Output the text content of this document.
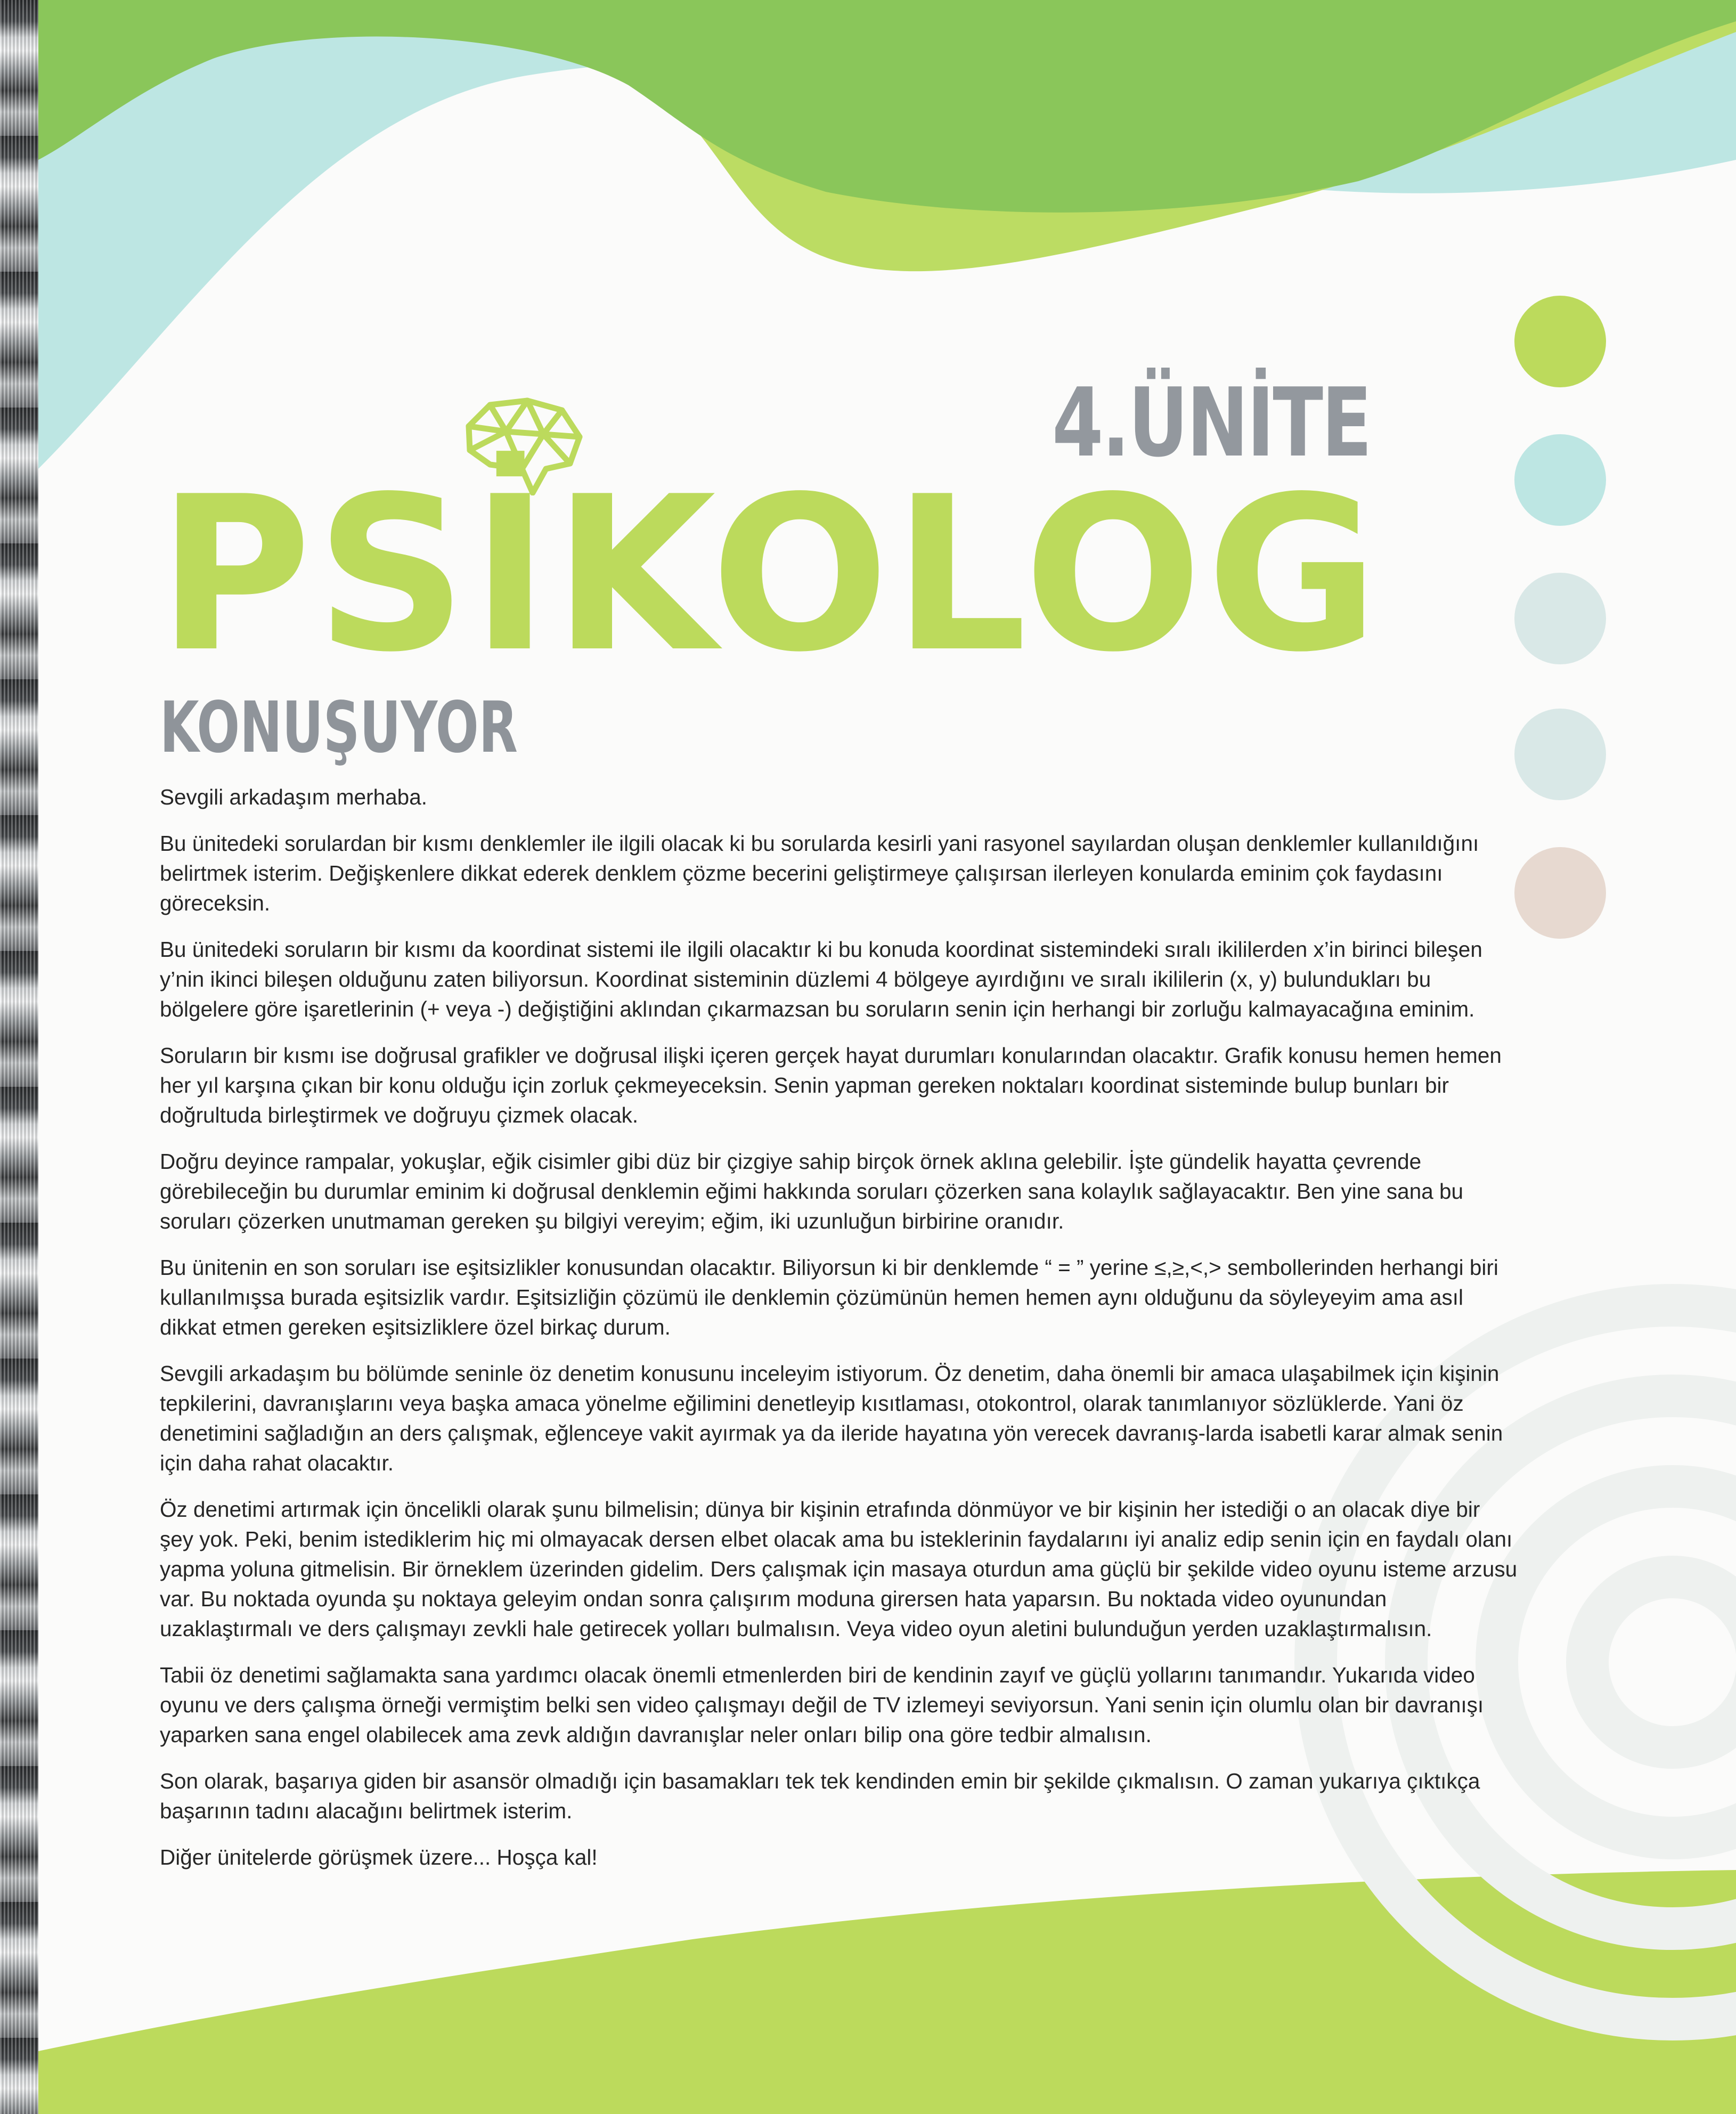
4.ÜNİTE
PSİKOLOG
KONUŞUYOR

Sevgili arkadaşım merhaba.

Bu ünitedeki sorulardan bir kısmı denklemler ile ilgili olacak ki bu sorularda kesirli yani rasyonel sayılardan oluşan denklemler kullanıldığını belirtmek isterim. Değişkenlere dikkat ederek denklem çözme becerini geliştirmeye çalışırsan ilerleyen konularda eminim çok faydasını göreceksin.

Bu ünitedeki soruların bir kısmı da koordinat sistemi ile ilgili olacaktır ki bu konuda koordinat sistemindeki sıralı ikililerden x’in birinci bileşen y’nin ikinci bileşen olduğunu zaten biliyorsun. Koordinat sisteminin düzlemi 4 bölgeye ayırdığını ve sıralı ikililerin (x, y) bulundukları bu bölgelere göre işaretlerinin (+ veya -) değiştiğini aklından çıkarmazsan bu soruların senin için herhangi bir zorluğu kalmayacağına eminim.

Soruların bir kısmı ise doğrusal grafikler ve doğrusal ilişki içeren gerçek hayat durumları konularından olacaktır. Grafik konusu hemen hemen her yıl karşına çıkan bir konu olduğu için zorluk çekmeyeceksin. Senin yapman gereken noktaları koordinat sisteminde bulup bunları bir doğrultuda birleştirmek ve doğruyu çizmek olacak.

Doğru deyince rampalar, yokuşlar, eğik cisimler gibi düz bir çizgiye sahip birçok örnek aklına gelebilir. İşte gündelik hayatta çevrende görebileceğin bu durumlar eminim ki doğrusal denklemin eğimi hakkında soruları çözerken sana kolaylık sağlayacaktır. Ben yine sana bu soruları çözerken unutmaman gereken şu bilgiyi vereyim; eğim, iki uzunluğun birbirine oranıdır.

Bu ünitenin en son soruları ise eşitsizlikler konusundan olacaktır. Biliyorsun ki bir denklemde “ = ” yerine ≤,≥,<,> sembollerinden herhangi biri kullanılmışsa burada eşitsizlik vardır. Eşitsizliğin çözümü ile denklemin çözümünün hemen hemen aynı olduğunu da söyleyeyim ama asıl dikkat etmen gereken eşitsizliklere özel birkaç durum.

Sevgili arkadaşım bu bölümde seninle öz denetim konusunu inceleyim istiyorum. Öz denetim, daha önemli bir amaca ulaşabilmek için kişinin tepkilerini, davranışlarını veya başka amaca yönelme eğilimini denetleyip kısıtlaması, otokontrol, olarak tanımlanıyor sözlüklerde. Yani öz denetimini sağladığın an ders çalışmak, eğlenceye vakit ayırmak ya da ileride hayatına yön verecek davranış-larda isabetli karar almak senin için daha rahat olacaktır.

Öz denetimi artırmak için öncelikli olarak şunu bilmelisin; dünya bir kişinin etrafında dönmüyor ve bir kişinin her istediği o an olacak diye bir şey yok. Peki, benim istediklerim hiç mi olmayacak dersen elbet olacak ama bu isteklerinin faydalarını iyi analiz edip senin için en faydalı olanı yapma yoluna gitmelisin. Bir örneklem üzerinden gidelim. Ders çalışmak için masaya oturdun ama güçlü bir şekilde video oyunu isteme arzusu var. Bu noktada oyunda şu noktaya geleyim ondan sonra çalışırım moduna girersen hata yaparsın. Bu noktada video oyunundan uzaklaştırmalı ve ders çalışmayı zevkli hale getirecek yolları bulmalısın. Veya video oyun aletini bulunduğun yerden uzaklaştırmalısın.

Tabii öz denetimi sağlamakta sana yardımcı olacak önemli etmenlerden biri de kendinin zayıf ve güçlü yollarını tanımandır. Yukarıda video oyunu ve ders çalışma örneği vermiştim belki sen video çalışmayı değil de TV izlemeyi seviyorsun. Yani senin için olumlu olan bir davranışı yaparken sana engel olabilecek ama zevk aldığın davranışlar neler onları bilip ona göre tedbir almalısın.

Son olarak, başarıya giden bir asansör olmadığı için basamakları tek tek kendinden emin bir şekilde çıkmalısın. O zaman yukarıya çıktıkça başarının tadını alacağını belirtmek isterim.

Diğer ünitelerde görüşmek üzere... Hoşça kal!
